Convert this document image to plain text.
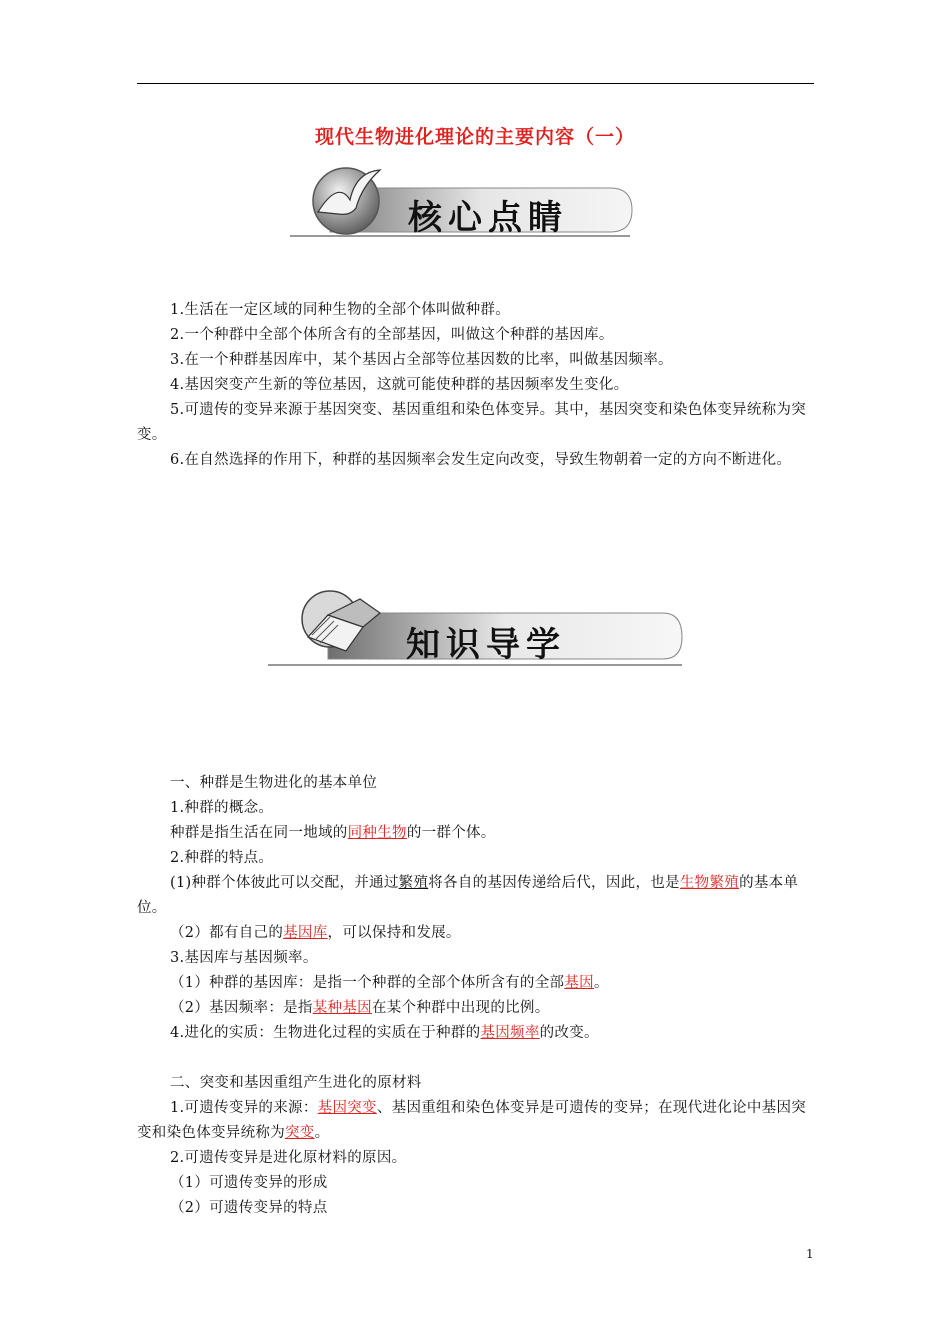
现代生物进化理论的主要内容（一）
核心点睛

1.生活在一定区域的同种生物的全部个体叫做种群。

2.一个种群中全部个体所含有的全部基因，叫做这个种群的基因库。

3.在一个种群基因库中，某个基因占全部等位基因数的比率，叫做基因频率。

4.基因突变产生新的等位基因，这就可能使种群的基因频率发生变化。

5.可遗传的变异来源于基因突变、基因重组和染色体变异。其中，基因突变和染色体变异统称为突变。

6.在自然选择的作用下，种群的基因频率会发生定向改变，导致生物朝着一定的方向不断进化。

知识导学

一、种群是生物进化的基本单位

1.种群的概念。

种群是指生活在同一地域的同种生物的一群个体。

2.种群的特点。

(1)种群个体彼此可以交配，并通过繁殖将各自的基因传递给后代，因此，也是生物繁殖的基本单位。

（2）都有自己的基因库，可以保持和发展。

3.基因库与基因频率。

（1）种群的基因库：是指一个种群的全部个体所含有的全部基因。

（2）基因频率：是指某种基因在某个种群中出现的比例。

4.进化的实质：生物进化过程的实质在于种群的基因频率的改变。

二、突变和基因重组产生进化的原材料

1.可遗传变异的来源：基因突变、基因重组和染色体变异是可遗传的变异；在现代进化论中基因突变和染色体变异统称为突变。

2.可遗传变异是进化原材料的原因。

（1）可遗传变异的形成

（2）可遗传变异的特点

1
